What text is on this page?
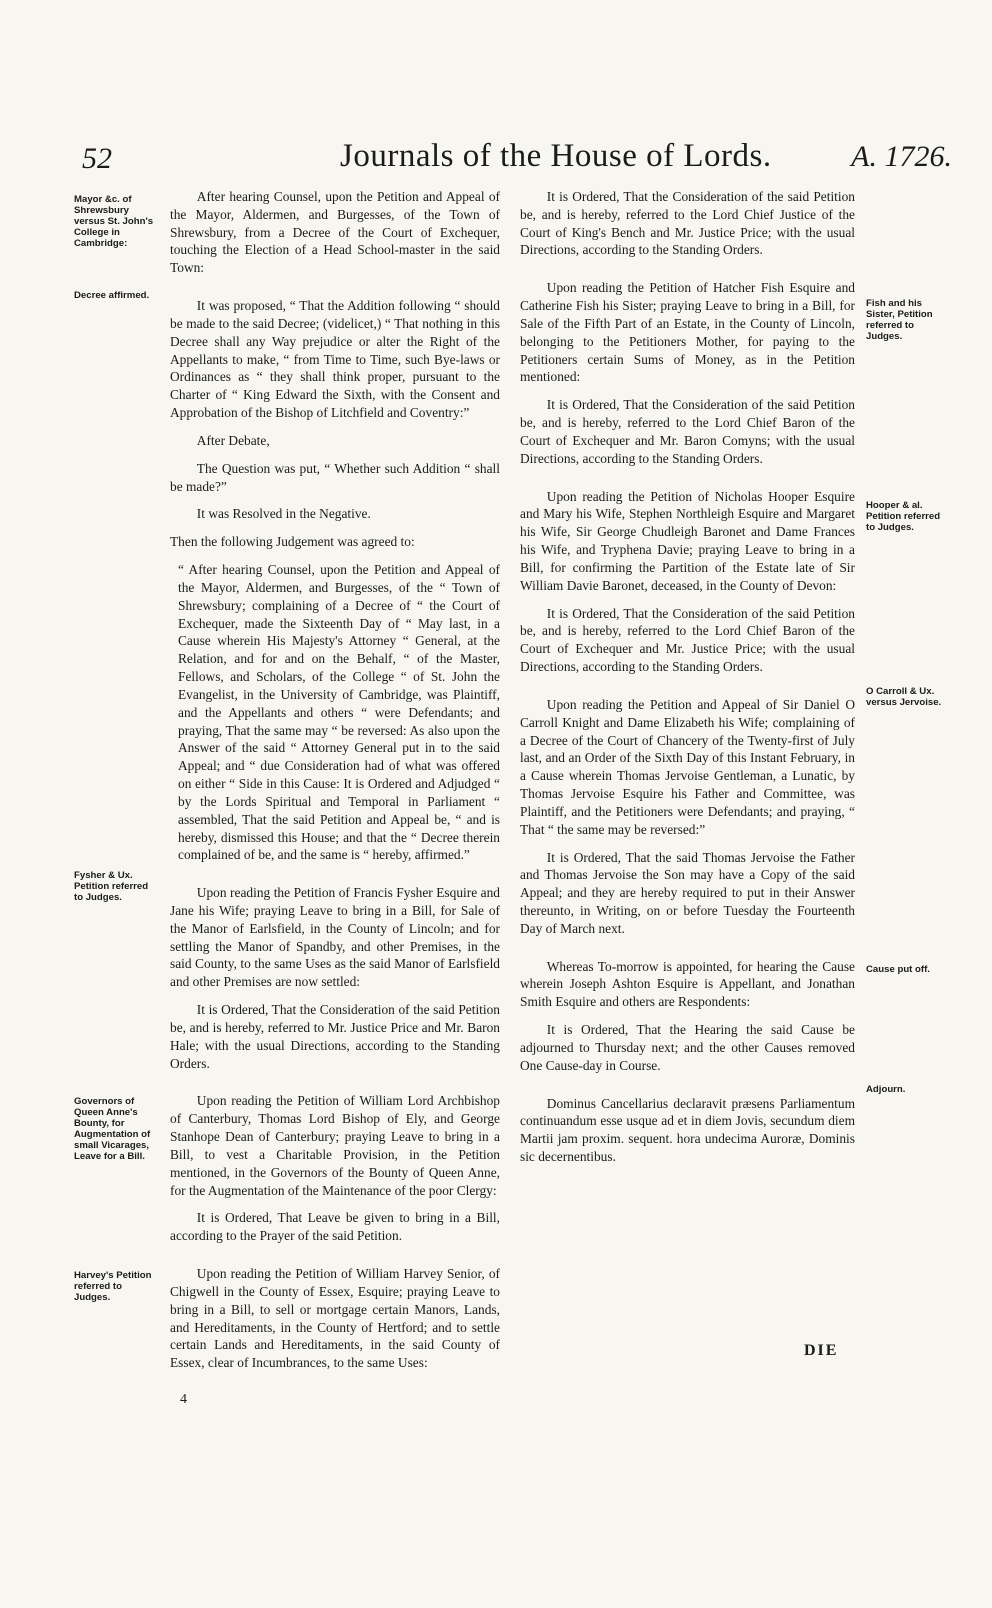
52	Journals of the House of Lords.	A. 1726.
Mayor &c. of Shrewsbury versus St. John's College in Cambridge:
Decree affirmed.
Fysher & Ux. Petition referred to Judges.
Governors of Queen Anne's Bounty, for Augmentation of small Vicarages, Leave for a Bill.
Harvey's Petition referred to Judges.
Fish and his Sister, Petition referred to Judges.
Hooper & al. Petition referred to Judges.
O Carroll & Ux. versus Jervoise.
Cause put off.
Adjourn.

After hearing Counsel, upon the Petition and Appeal of the Mayor, Aldermen, and Burgesses, of the Town of Shrewsbury, from a Decree of the Court of Exchequer, touching the Election of a Head School-master in the said Town:

It was proposed, “ That the Addition following “ should be made to the said Decree; (videlicet,) “ That nothing in this Decree shall any Way prejudice or alter the Right of the Appellants to make, “ from Time to Time, such Bye-laws or Ordinances as “ they shall think proper, pursuant to the Charter of “ King Edward the Sixth, with the Consent and Approbation of the Bishop of Litchfield and Coventry:”

After Debate,

The Question was put, “ Whether such Addition “ shall be made?”

It was Resolved in the Negative.

Then the following Judgement was agreed to:

“ After hearing Counsel, upon the Petition and Appeal of the Mayor, Aldermen, and Burgesses, of the “ Town of Shrewsbury; complaining of a Decree of “ the Court of Exchequer, made the Sixteenth Day of “ May last, in a Cause wherein His Majesty's Attorney “ General, at the Relation, and for and on the Behalf, “ of the Master, Fellows, and Scholars, of the College “ of St. John the Evangelist, in the University of Cambridge, was Plaintiff, and the Appellants and others “ were Defendants; and praying, That the same may “ be reversed: As also upon the Answer of the said “ Attorney General put in to the said Appeal; and “ due Consideration had of what was offered on either “ Side in this Cause: It is Ordered and Adjudged “ by the Lords Spiritual and Temporal in Parliament “ assembled, That the said Petition and Appeal be, “ and is hereby, dismissed this House; and that the “ Decree therein complained of be, and the same is “ hereby, affirmed.”

Upon reading the Petition of Francis Fysher Esquire and Jane his Wife; praying Leave to bring in a Bill, for Sale of the Manor of Earlsfield, in the County of Lincoln; and for settling the Manor of Spandby, and other Premises, in the said County, to the same Uses as the said Manor of Earlsfield and other Premises are now settled:

It is Ordered, That the Consideration of the said Petition be, and is hereby, referred to Mr. Justice Price and Mr. Baron Hale; with the usual Directions, according to the Standing Orders.

Upon reading the Petition of William Lord Archbishop of Canterbury, Thomas Lord Bishop of Ely, and George Stanhope Dean of Canterbury; praying Leave to bring in a Bill, to vest a Charitable Provision, in the Petition mentioned, in the Governors of the Bounty of Queen Anne, for the Augmentation of the Maintenance of the poor Clergy:

It is Ordered, That Leave be given to bring in a Bill, according to the Prayer of the said Petition.

Upon reading the Petition of William Harvey Senior, of Chigwell in the County of Essex, Esquire; praying Leave to bring in a Bill, to sell or mortgage certain Manors, Lands, and Hereditaments, in the County of Hertford; and to settle certain Lands and Hereditaments, in the said County of Essex, clear of Incumbrances, to the same Uses:

It is Ordered, That the Consideration of the said Petition be, and is hereby, referred to the Lord Chief Justice of the Court of King's Bench and Mr. Justice Price; with the usual Directions, according to the Standing Orders.

Upon reading the Petition of Hatcher Fish Esquire and Catherine Fish his Sister; praying Leave to bring in a Bill, for Sale of the Fifth Part of an Estate, in the County of Lincoln, belonging to the Petitioners Mother, for paying to the Petitioners certain Sums of Money, as in the Petition mentioned:

It is Ordered, That the Consideration of the said Petition be, and is hereby, referred to the Lord Chief Baron of the Court of Exchequer and Mr. Baron Comyns; with the usual Directions, according to the Standing Orders.

Upon reading the Petition of Nicholas Hooper Esquire and Mary his Wife, Stephen Northleigh Esquire and Margaret his Wife, Sir George Chudleigh Baronet and Dame Frances his Wife, and Tryphena Davie; praying Leave to bring in a Bill, for confirming the Partition of the Estate late of Sir William Davie Baronet, deceased, in the County of Devon:

It is Ordered, That the Consideration of the said Petition be, and is hereby, referred to the Lord Chief Baron of the Court of Exchequer and Mr. Justice Price; with the usual Directions, according to the Standing Orders.

Upon reading the Petition and Appeal of Sir Daniel O Carroll Knight and Dame Elizabeth his Wife; complaining of a Decree of the Court of Chancery of the Twenty-first of July last, and an Order of the Sixth Day of this Instant February, in a Cause wherein Thomas Jervoise Gentleman, a Lunatic, by Thomas Jervoise Esquire his Father and Committee, was Plaintiff, and the Petitioners were Defendants; and praying, “ That “ the same may be reversed:”

It is Ordered, That the said Thomas Jervoise the Father and Thomas Jervoise the Son may have a Copy of the said Appeal; and they are hereby required to put in their Answer thereunto, in Writing, on or before Tuesday the Fourteenth Day of March next.

Whereas To-morrow is appointed, for hearing the Cause wherein Joseph Ashton Esquire is Appellant, and Jonathan Smith Esquire and others are Respondents:

It is Ordered, That the Hearing the said Cause be adjourned to Thursday next; and the other Causes removed One Cause-day in Course.

Dominus Cancellarius declaravit præsens Parliamentum continuandum esse usque ad et in diem Jovis, secundum diem Martii jam proxim. sequent. hora undecima Auroræ, Dominis sic decernentibus.

DIE
4
